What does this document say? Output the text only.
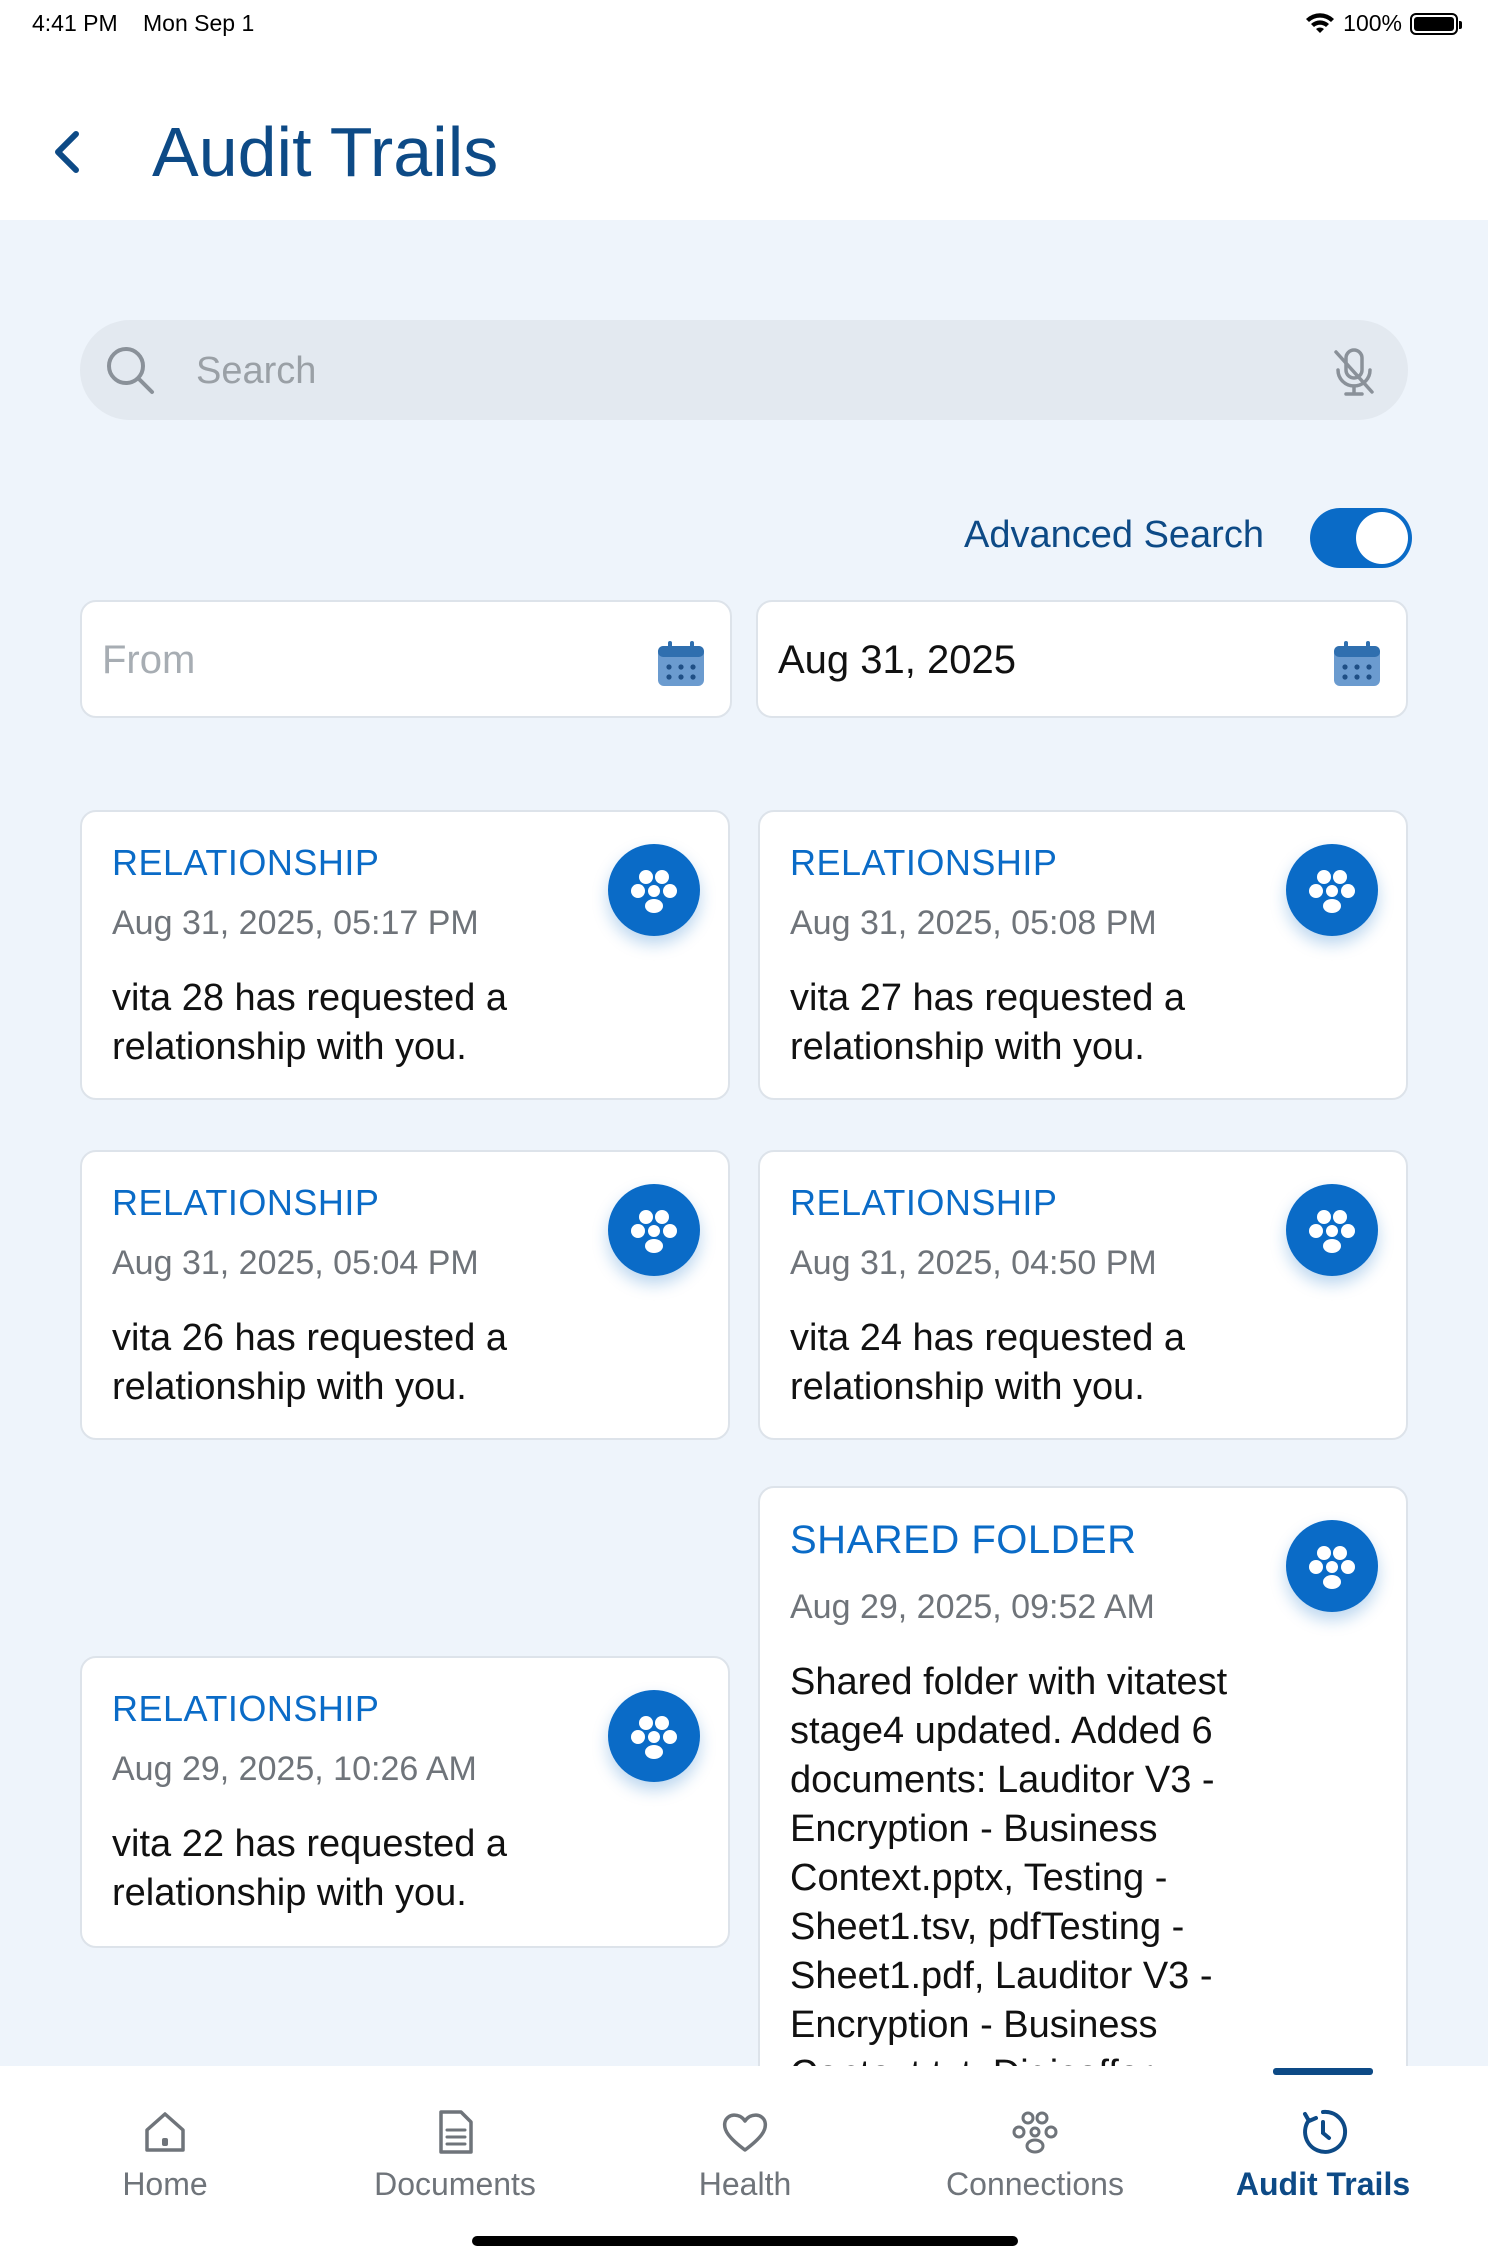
4:41 PM Mon Sep 1	100%
Audit Trails
Search
Advanced Search
From	Aug 31, 2025
RELATIONSHIP
Aug 31, 2025, 05:17 PM
vita 28 has requested a relationship with you.
RELATIONSHIP
Aug 31, 2025, 05:08 PM
vita 27 has requested a relationship with you.
RELATIONSHIP
Aug 31, 2025, 05:04 PM
vita 26 has requested a relationship with you.
RELATIONSHIP
Aug 31, 2025, 04:50 PM
vita 24 has requested a relationship with you.
SHARED FOLDER
Aug 29, 2025, 09:52 AM
Shared folder with vitatest stage4 updated. Added 6 documents: Lauditor V3 - Encryption - Business Context.pptx, Testing - Sheet1.tsv, pdfTesting - Sheet1.pdf, Lauditor V3 - Encryption - Business
RELATIONSHIP
Aug 29, 2025, 10:26 AM
vita 22 has requested a relationship with you.
Home	Documents	Health	Connections	Audit Trails
